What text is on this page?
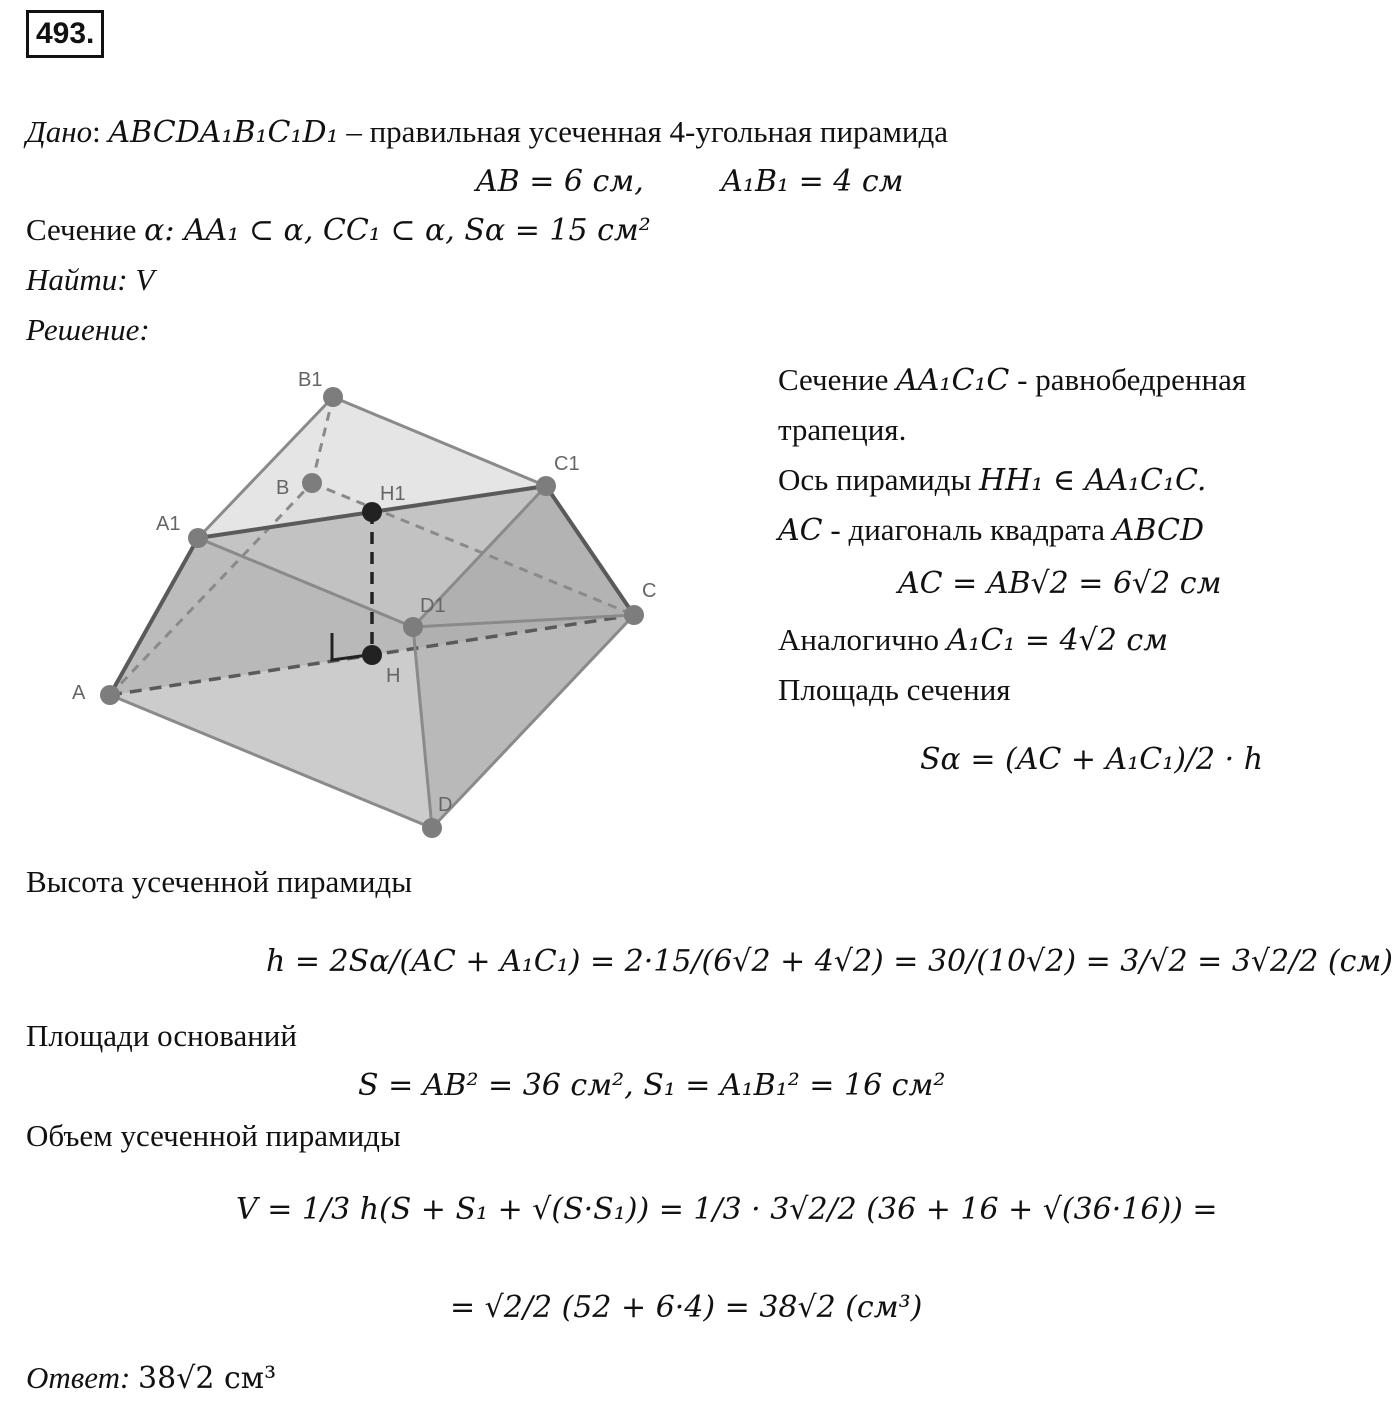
493.
Дано: ABCDA₁B₁C₁D₁ – правильная усеченная 4-угольная пирамида
AB = 6 см,	A₁B₁ = 4 см
Сечение α: AA₁ ⊂ α, CC₁ ⊂ α, Sα = 15 см²
Найти: V
Решение:
A
B
C
D
A1
B1
C1
D1
H
H1
Сечение AA₁C₁C - равнобедренная
трапеция.
Ось пирамиды HH₁ ∈ AA₁C₁C.
AC - диагональ квадрата ABCD
AC = AB√2 = 6√2 см
Аналогично A₁C₁ = 4√2 см
Площадь сечения
Sα = (AC + A₁C₁)/2 · h
Высота усеченной пирамиды
h = 2Sα/(AC + A₁C₁) = 2·15/(6√2 + 4√2) = 30/(10√2) = 3/√2 = 3√2/2 (см)
Площади оснований
S = AB² = 36 см², S₁ = A₁B₁² = 16 см²
Объем усеченной пирамиды
V = 1/3 h(S + S₁ + √(S·S₁)) = 1/3 · 3√2/2 (36 + 16 + √(36·16)) =
= √2/2 (52 + 6·4) = 38√2 (см³)
Ответ: 38√2 см³
